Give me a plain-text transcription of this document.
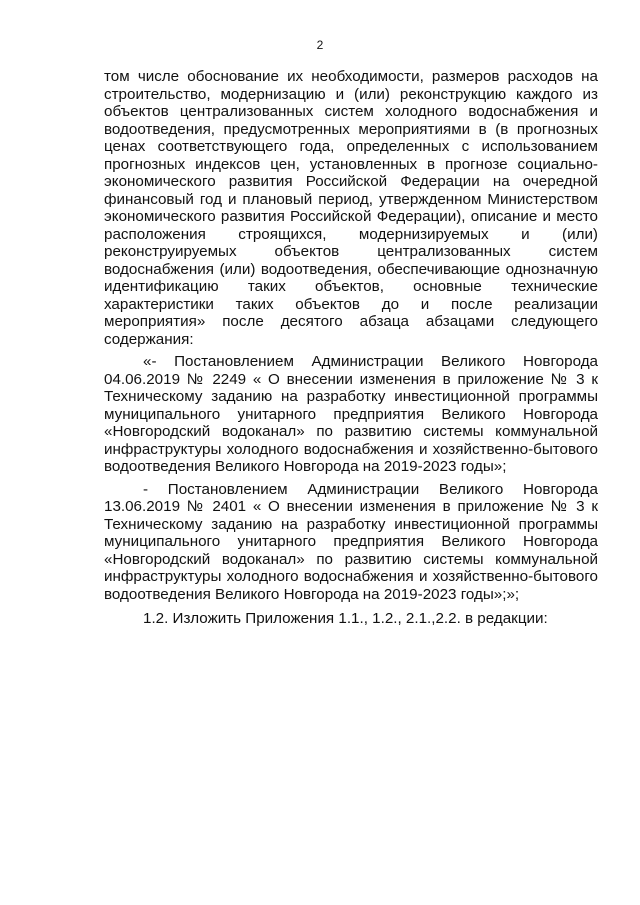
2

том числе обоснование их необходимости, размеров расходов на строительство, модернизацию и (или) реконструкцию каждого из объектов централизованных систем холодного водоснабжения и водоотведения, предусмотренных мероприятиями в (в прогнозных ценах соответствующего года, определенных с использованием прогнозных индексов цен, установленных в прогнозе социально-экономического развития Российской Федерации на очередной финансовый год и плановый период, утвержденном Министерством экономического развития Российской Федерации), описание и место расположения строящихся, модернизируемых и (или) реконструируемых объектов централизованных систем водоснабжения (или) водоотведения, обеспечивающие однозначную идентификацию таких объектов, основные технические характеристики таких объектов до и после реализации мероприятия» после десятого абзаца абзацами следующего содержания:

«- Постановлением Администрации Великого Новгорода 04.06.2019 № 2249 « О внесении изменения в приложение № 3 к Техническому заданию на разработку инвестиционной программы муниципального унитарного предприятия Великого Новгорода «Новгородский водоканал» по развитию системы коммунальной инфраструктуры холодного водоснабжения и хозяйственно-бытового водоотведения Великого Новгорода на 2019-2023 годы»;

- Постановлением Администрации Великого Новгорода 13.06.2019 № 2401 « О внесении изменения в приложение № 3 к Техническому заданию на разработку инвестиционной программы муниципального унитарного предприятия Великого Новгорода «Новгородский водоканал» по развитию системы коммунальной инфраструктуры холодного водоснабжения и хозяйственно-бытового водоотведения Великого Новгорода на 2019-2023 годы»;»;

1.2. Изложить Приложения 1.1., 1.2., 2.1.,2.2. в редакции:
